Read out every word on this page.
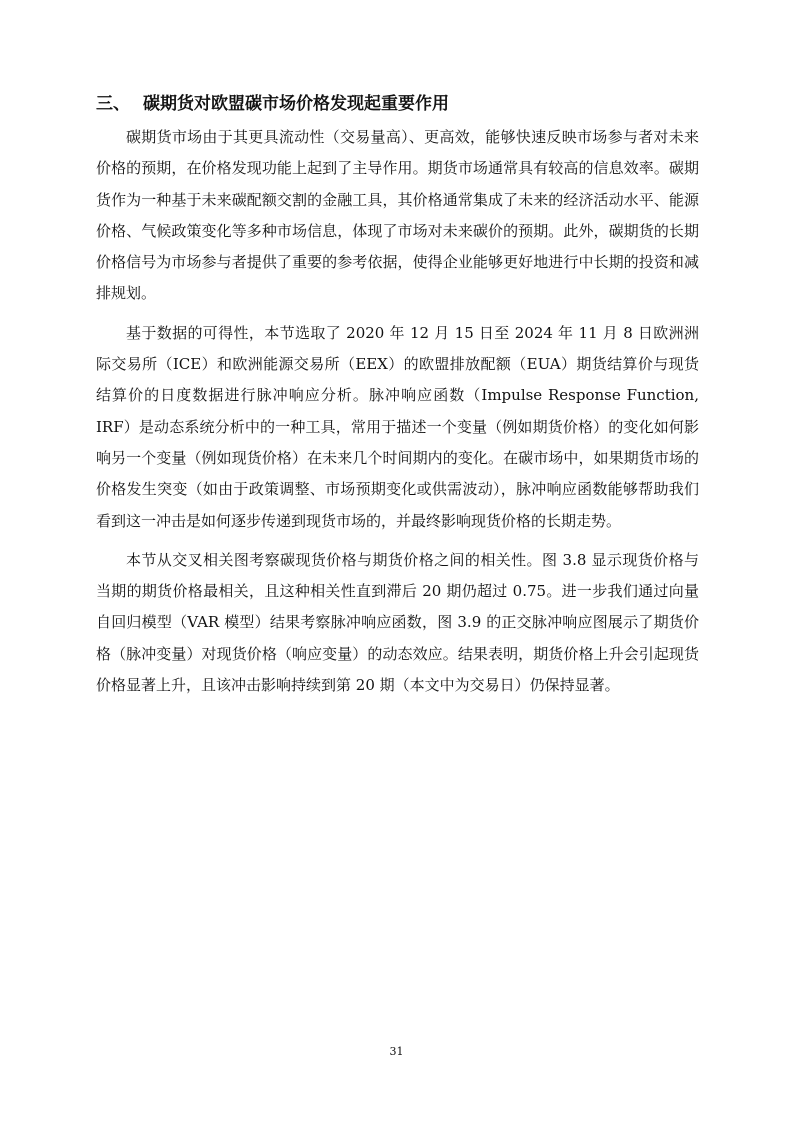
三、 碳期货对欧盟碳市场价格发现起重要作用

碳期货市场由于其更具流动性（交易量高）、更高效，能够快速反映市场参与者对未来价格的预期，在价格发现功能上起到了主导作用。期货市场通常具有较高的信息效率。碳期货作为一种基于未来碳配额交割的金融工具，其价格通常集成了未来的经济活动水平、能源价格、气候政策变化等多种市场信息，体现了市场对未来碳价的预期。此外，碳期货的长期价格信号为市场参与者提供了重要的参考依据，使得企业能够更好地进行中长期的投资和减排规划。

基于数据的可得性，本节选取了 2020 年 12 月 15 日至 2024 年 11 月 8 日欧洲洲际交易所（ICE）和欧洲能源交易所（EEX）的欧盟排放配额（EUA）期货结算价与现货结算价的日度数据进行脉冲响应分析。脉冲响应函数（Impulse Response Function, IRF）是动态系统分析中的一种工具，常用于描述一个变量（例如期货价格）的变化如何影响另一个变量（例如现货价格）在未来几个时间期内的变化。在碳市场中，如果期货市场的价格发生突变（如由于政策调整、市场预期变化或供需波动），脉冲响应函数能够帮助我们看到这一冲击是如何逐步传递到现货市场的，并最终影响现货价格的长期走势。

本节从交叉相关图考察碳现货价格与期货价格之间的相关性。图 3.8 显示现货价格与当期的期货价格最相关，且这种相关性直到滞后 20 期仍超过 0.75。进一步我们通过向量自回归模型（VAR 模型）结果考察脉冲响应函数，图 3.9 的正交脉冲响应图展示了期货价格（脉冲变量）对现货价格（响应变量）的动态效应。结果表明，期货价格上升会引起现货价格显著上升，且该冲击影响持续到第 20 期（本文中为交易日）仍保持显著。

31
